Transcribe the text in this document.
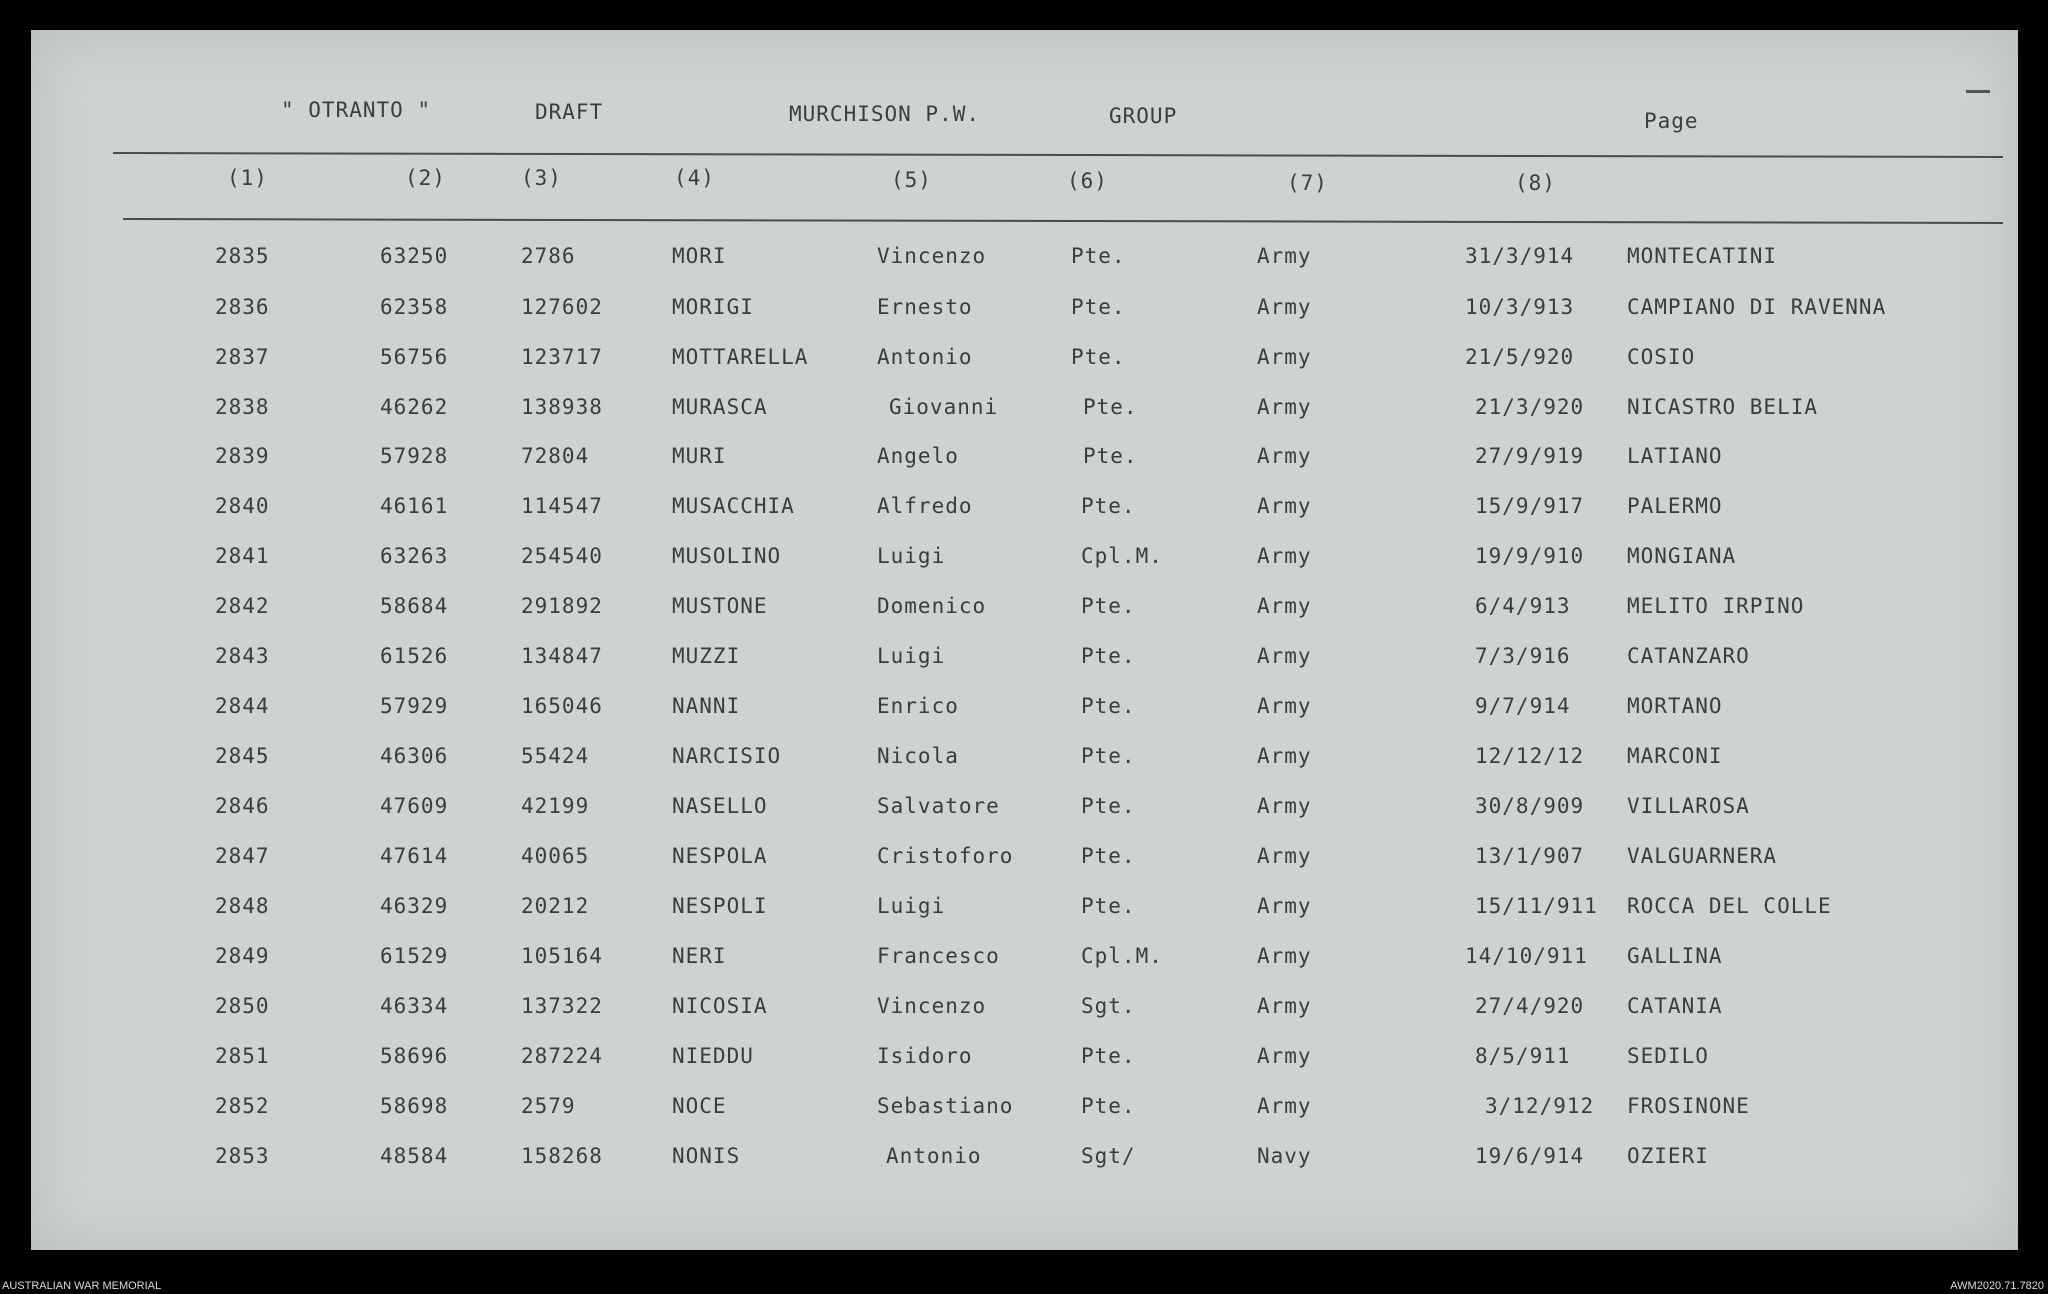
" OTRANTO "	DRAFT	MURCHISON P.W.	GROUP	Page
(1)	(2)	(3)	(4)	(5)	(6)	(7)	(8)
2835	63250	2786	MORI	Vincenzo	Pte.	Army	31/3/914	MONTECATINI
2836	62358	127602	MORIGI	Ernesto	Pte.	Army	10/3/913	CAMPIANO DI RAVENNA
2837	56756	123717	MOTTARELLA	Antonio	Pte.	Army	21/5/920	COSIO
2838	46262	138938	MURASCA	Giovanni	Pte.	Army	21/3/920 NICASTRO BELIA
2839	57928	72804	MURI	Angelo	Pte.	Army	27/9/919 LATIANO
2840	46161	114547	MUSACCHIA	Alfredo	Pte.	Army	15/9/917 PALERMO
2841	63263	254540	MUSOLINO	Luigi	Cpl.M.	Army	19/9/910 MONGIANA
2842	58684	291892	MUSTONE	Domenico	Pte.	Army	6/4/913	MELITO IRPINO
2843	61526	134847	MUZZI	Luigi	Pte.	Army	7/3/916	CATANZARO
2844	57929	165046	NANNI	Enrico	Pte.	Army	9/7/914	MORTANO
2845	46306	55424	NARCISIO	Nicola	Pte.	Army	12/12/12 MARCONI
2846	47609	42199	NASELLO	Salvatore	Pte.	Army	30/8/909 VILLAROSA
2847	47614	40065	NESPOLA	Cristoforo	Pte.	Army	13/1/907 VALGUARNERA
2848	46329	20212	NESPOLI	Luigi	Pte.	Army	15/11/911 ROCCA DEL COLLE
2849	61529	105164	NERI	Francesco	Cpl.M.	Army	14/10/911 GALLINA
2850	46334	137322	NICOSIA	Vincenzo	Sgt.	Army	27/4/920 CATANIA
2851	58696	287224	NIEDDU	Isidoro	Pte.	Army	8/5/911	SEDILO
2852	58698	2579	NOCE	Sebastiano	Pte.	Army	3/12/912 FROSINONE
2853	48584	158268	NONIS	Antonio	Sgt/	Navy	19/6/914 OZIERI
AUSTRALIAN WAR MEMORIAL	AWM2020.71.7820
